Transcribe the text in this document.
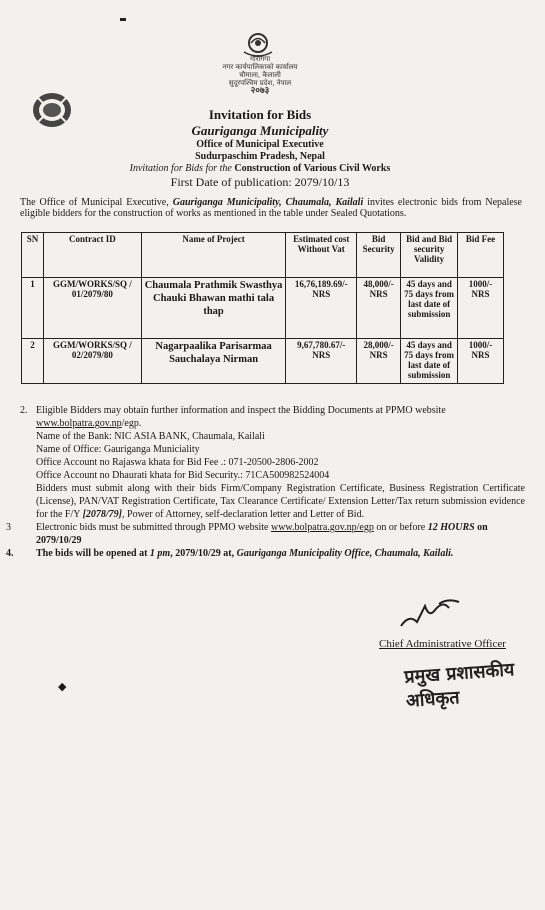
गौरीगंगा
नगर कार्यपालिकाको कार्यालय
चौमाला, कैलाली
सुदूरपश्चिम प्रदेश, नेपाल
२०७३
Invitation for Bids
Gauriganga Municipality
Office of Municipal Executive
Sudurpaschim Pradesh, Nepal
Invitation for Bids for the Construction of Various Civil Works
First Date of publication: 2079/10/13
The Office of Municipal Executive, Gauriganga Municipality, Chaumala, Kailali invites electronic bids from Nepalese eligible bidders for the construction of works as mentioned in the table under Sealed Quotations.
SN	Contract ID	Name of Project	Estimated cost Without Vat	Bid Security	Bid and Bid security Validity	Bid Fee
1	GGM/WORKS/SQ / 01/2079/80	Chaumala Prathmik Swasthya Chauki Bhawan mathi tala thap	16,76,189.69/- NRS	48,000/- NRS	45 days and 75 days from last date of submission	1000/- NRS
2	GGM/WORKS/SQ / 02/2079/80	Nagarpaalika Parisarmaa Sauchalaya Nirman	9,67,780.67/- NRS	28,000/- NRS	45 days and 75 days from last date of submission	1000/- NRS
2. Eligible Bidders may obtain further information and inspect the Bidding Documents at PPMO website www.bolpatra.gov.np/egp.
Name of the Bank: NIC ASIA BANK, Chaumala, Kailali
Name of Office: Gauriganga Municiality
Office Account no Rajaswa khata for Bid Fee .: 071-20500-2806-2002
Office Account no Dhaurati khata for Bid Security.: 71CA500982524004
Bidders must submit along with their bids Firm/Company Registration Certificate, Business Registration Certificate (License), PAN/VAT Registration Certificate, Tax Clearance Certificate/ Extension Letter/Tax return submission evidence for the F/Y [2078/79], Power of Attorney, self-declaration letter and Letter of Bid.
3	Electronic bids must be submitted through PPMO website www.bolpatra.gov.np/egp on or before 12 HOURS on 2079/10/29
4. The bids will be opened at 1 pm, 2079/10/29 at, Gauriganga Municipality Office, Chaumala, Kailali.
Chief Administrative Officer
प्रमुख प्रशासकीय अधिकृत
◆
